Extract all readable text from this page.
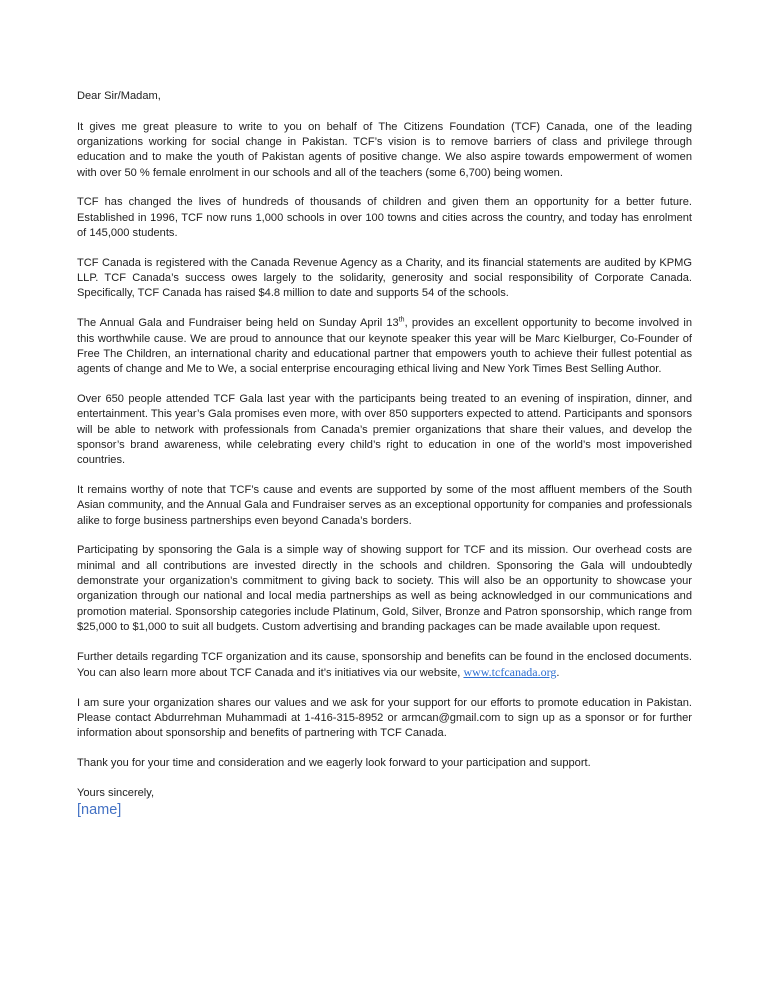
Dear Sir/Madam,

It gives me great pleasure to write to you on behalf of The Citizens Foundation (TCF) Canada, one of the leading organizations working for social change in Pakistan. TCF’s vision is to remove barriers of class and privilege through education and to make the youth of Pakistan agents of positive change. We also aspire towards empowerment of women with over 50 % female enrolment in our schools and all of the teachers (some 6,700) being women.

TCF has changed the lives of hundreds of thousands of children and given them an opportunity for a better future. Established in 1996, TCF now runs 1,000 schools in over 100 towns and cities across the country, and today has enrolment of 145,000 students.

TCF Canada is registered with the Canada Revenue Agency as a Charity, and its financial statements are audited by KPMG LLP. TCF Canada’s success owes largely to the solidarity, generosity and social responsibility of Corporate Canada. Specifically, TCF Canada has raised $4.8 million to date and supports 54 of the schools.

The Annual Gala and Fundraiser being held on Sunday April 13th, provides an excellent opportunity to become involved in this worthwhile cause. We are proud to announce that our keynote speaker this year will be Marc Kielburger, Co-Founder of Free The Children, an international charity and educational partner that empowers youth to achieve their fullest potential as agents of change and Me to We, a social enterprise encouraging ethical living and New York Times Best Selling Author.

Over 650 people attended TCF Gala last year with the participants being treated to an evening of inspiration, dinner, and entertainment. This year’s Gala promises even more, with over 850 supporters expected to attend. Participants and sponsors will be able to network with professionals from Canada’s premier organizations that share their values, and develop the sponsor’s brand awareness, while celebrating every child’s right to education in one of the world’s most impoverished countries.

It remains worthy of note that TCF’s cause and events are supported by some of the most affluent members of the South Asian community, and the Annual Gala and Fundraiser serves as an exceptional opportunity for companies and professionals alike to forge business partnerships even beyond Canada’s borders.

Participating by sponsoring the Gala is a simple way of showing support for TCF and its mission. Our overhead costs are minimal and all contributions are invested directly in the schools and children. Sponsoring the Gala will undoubtedly demonstrate your organization’s commitment to giving back to society. This will also be an opportunity to showcase your organization through our national and local media partnerships as well as being acknowledged in our communications and promotion material. Sponsorship categories include Platinum, Gold, Silver, Bronze and Patron sponsorship, which range from $25,000 to $1,000 to suit all budgets. Custom advertising and branding packages can be made available upon request.

Further details regarding TCF organization and its cause, sponsorship and benefits can be found in the enclosed documents. You can also learn more about TCF Canada and it’s initiatives via our website, www.tcfcanada.org.

I am sure your organization shares our values and we ask for your support for our efforts to promote education in Pakistan. Please contact Abdurrehman Muhammadi at 1-416-315-8952 or armcan@gmail.com to sign up as a sponsor or for further information about sponsorship and benefits of partnering with TCF Canada.

Thank you for your time and consideration and we eagerly look forward to your participation and support.

Yours sincerely,

[name]
